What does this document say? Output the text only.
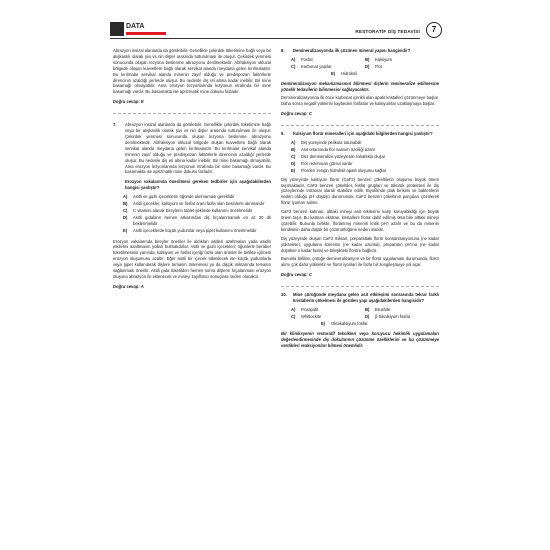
DATA
RESTORATİF DİŞ TEDAVİSİ	7

Abrazyon insizal alanlarda da görülebilir. Genellikle çekirdek tüketimine bağlı veya bir alışkanlık olarak şivi vs nin dişler arasında tutturulması ile oluşur. Çekirdek yenmesi sonucunda oluşan lezyona beslenme abrazyonu denilmektedir. Abfraksiyon okluzal bölgede oluşan kuvvetlere bağlı olarak servikal alanda meydana gelen kırılmalardır. Bu kırılmalar servikal alanda minenin zayıf olduğu ve predispozan faktörlerle direncinin azaldığı yerlerde oluşur. Bu nedenle diş eti altına kadar inebilir. Bir mine basamağı olmayabilir. Ama erozyon lezyonlarında lezyonun etrafında bir mine basamağı vardır. Bu basamakta ise aprizmatik mine dokusu fazladır.

Doğru cevap: E

7.	Abrazyon insizal alanlarda da görülebilir. Genellikle çekirdek tüketimine bağlı veya bir alışkanlık olarak şivi vs nin dişler arasında tutturulması ile oluşur. Çekirdek yenmesi sonucunda oluşan lezyona beslenme abrazyonu denilmektedir. Abfraksiyon okluzal bölgede oluşan kuvvetlere bağlı olarak servikal alanda meydana gelen kırılmalardır. Bu kırılmalar servikal alanda minenin zayıf olduğu ve predispozan faktörlerle direncinin azaldığı yerlerde oluşur. Bu nedenle diş eti altına kadar inebilir. Bir mine basamağı olmayabilir. Ama erozyon lezyonlarında lezyonun etrafında bir mine basamağı vardır. Bu basamakta ise aprizmatik mine dokusu fazladır.

Erozyon vakalarında önerilmesi gereken tedbirler için aşağıdakilerden hangisi yanlıştır?

A)	Asitli ve gazlı içeceklerin öğünde alınmaması gereklidir
B)	Asitli içecekler, kalsiyum ve fosfat oranı fazla olan besinlerle alınmalıdır
C)	C vitamini alacak bireylerin tablet şeklinde kullanımı önerilmelidir
D)	Asitli gıdaların hemen arkasından diş fırçalanmamalı en az 30 dk beklenmelidir
E)	Asitli içeceklerde küçük yudumlar veya pipet kullanımı önerilmelidir

Erozyon vakalarında bireyler öneriler ile aldıkları asitleri azaltmaları yada asidin etkilerini azaltmanın yolları bulmalıdırlar. Asitli ve gazlı içecekleri; öğünlerle beraber tüketilmesinin yanında, kalsiyum ve fosfat içeriği fazla olan ürünler ile birlikte içilmesi erozyon oluşumunu azaltır. Eğer asitli bir içecek tüketilecek ise küçük yudumlarla veya pipet kullanılarak dişlere temasın önlenmesi ya da dişçik miktarında temasın sağlanması önerilir. Asitli gıda tüketilden hemen sonra dişlerin fırçalanması erozyon oluşuna abrazyon ile eklenecek ve mineyi zayıflatıcı sonuçlara neden olacaktır.

Doğru cevap: A

8.	Demineralizasyonda ilk çözünen mineral yapısı hangisidir?
A)	Fosfat	B)	Kalsiyum
C)	Karbonat yapılar	D)	Flor
E)	Hidroksil

Demineralizasyon mekanizmasının bilinmesi dişlerin remineralize edilmesine yönelik tedavilerin bilinmesini sağlayacaktır.

Demineralizasyonda ilk önce karbonat içerikli olan apatit kristalleri çözünmeye başlar. Daha sonra negatif yüklerini kaybeden fosfatlar ve kalsiyumlar uzaklaşmaya başlar.

Doğru cevap: C

9.	Kalsiyum florür mineralleri için aşağıdaki bilgilerden hangisi yanlıştır?
A)	Diş yüzeyinde pelikula tutunabilir
B)	Asit ortamında flor salınım özelliği azalır
C)	Düz demineralize yüzeylerde rahatlıkla oluşur
D)	Flor rezervuarı görevi vardır
E)	Florden zengin hidroksil apatit oluşumu sağlar

Diş yüzeyinde kalsiyum florür (CaF2) benzeri çökeltilerin oluşumu büyük önem taşımaktadır. CaF2 benzeri çökeltiler, fosfat grupları ve tükürük proteinleri ile diş yüzeylerinde intraoral olarak stabilize edilir. Biyofilmde plak birikimi ve bakterilerin neden olduğu pH düşüşü durumunda, CaF2 benzeri çökeltinin parçaları çözülerek florür iyonları salınır.

CaF2 benzeri katman, alttaki mineyi asit etkilerine karşı koruyabildiği için büyük önem taşır. Bu katman ekstrae, kristallere florür dahil edilmiş olsa bile alttaki mineyi çözebilir. Bununla birlikte, florlanmış minenin kritik pH'ı azalır ve bu da minenin kendisinin daha düşük bir çözünürlüğüne neden olabilir.

Diş yüzeyinde oluşan CaF2 miktarı, preparattaki florür konsantrasyonuna (ne kadar yüksekse), uygulama süresine (ne kadar uzunsa), preparatın pH'ına (ne kadar düşükse o kadar fazla) ve bileşikteki florüre bağlıdır.

Bununla birlikte, çürüğe demineralizasyon ve bir florür uygulaması durumunda, florür alımı çok daha yüksektir ve florür iyonları ile fazla bir zengileşmeye yol açar.

Doğru cevap: C

10.	Mine çürüğünde meydana gelen asit etkileşimi sonrasında tekrar farklı kristallerin çökelmesi ile görülen yapı aşağıdakilerden hangisidir?
A)	Florapatit	B)	Brushite
C)	Whitlockite	D)	β-trikalsiyum fosfat
E)	Oktakalsiyum fosfat

Bir kliniksyenin restoratif teknikleri veya koruyucu hekimlik uygulamaları değerlendirmesinde diş dokularının çözünme özelliklerini ve bu çözünmeye verdikleri reaksiyonları bilmesi önemlidir.
